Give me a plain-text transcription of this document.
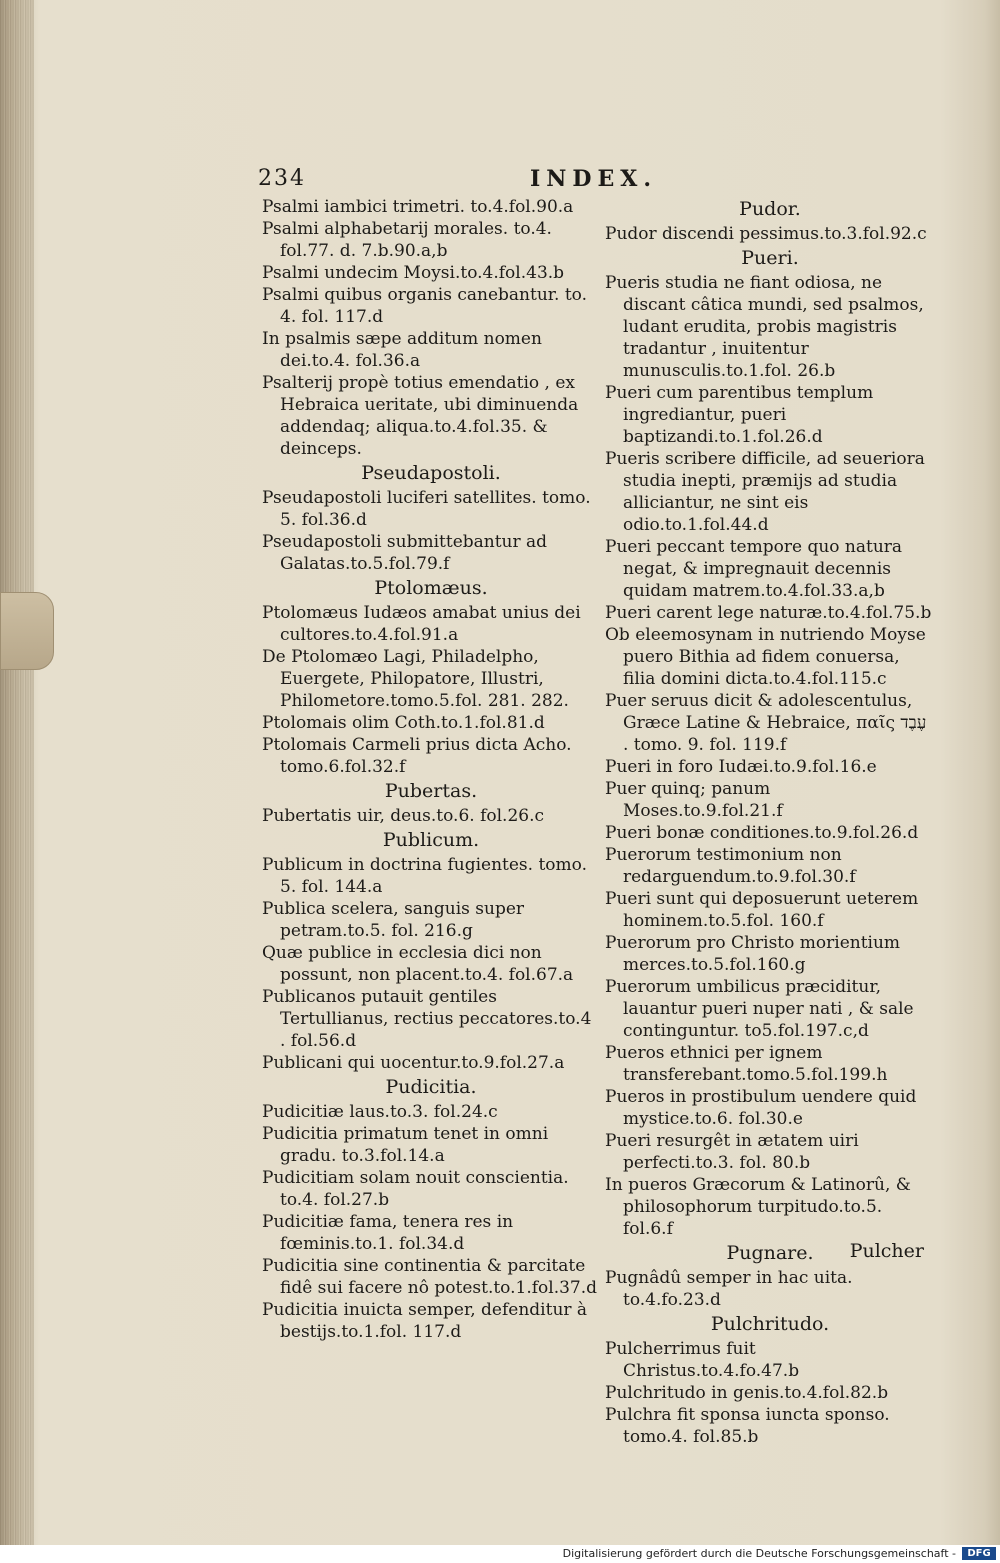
234	INDEX.

Psalmi iambici trimetri. to.4.fol.90.a

Psalmi alphabetarij morales. to.4. fol.77. d. 7.b.90.a,b

Psalmi undecim Moysi.to.4.fol.43.b

Psalmi quibus organis canebantur. to. 4. fol. 117.d

In psalmis sæpe additum nomen dei.to.4. fol.36.a

Psalterij propè totius emendatio , ex Hebraica ueritate, ubi diminuenda addendaq; aliqua.to.4.fol.35. & deinceps.

Pseudapostoli.

Pseudapostoli luciferi satellites. tomo. 5. fol.36.d

Pseudapostoli submittebantur ad Galatas.to.5.fol.79.f

Ptolomæus.

Ptolomæus Iudæos amabat unius dei cultores.to.4.fol.91.a

De Ptolomæo Lagi, Philadelpho, Euergete, Philopatore, Illustri, Philometore.tomo.5.fol. 281. 282.

Ptolomais olim Coth.to.1.fol.81.d

Ptolomais Carmeli prius dicta Acho. tomo.6.fol.32.f

Pubertas.

Pubertatis uir, deus.to.6. fol.26.c

Publicum.

Publicum in doctrina fugientes. tomo. 5. fol. 144.a

Publica scelera, sanguis super petram.to.5. fol. 216.g

Quæ publice in ecclesia dici non possunt, non placent.to.4. fol.67.a

Publicanos putauit gentiles Tertullianus, rectius peccatores.to.4 . fol.56.d

Publicani qui uocentur.to.9.fol.27.a

Pudicitia.

Pudicitiæ laus.to.3. fol.24.c

Pudicitia primatum tenet in omni gradu. to.3.fol.14.a

Pudicitiam solam nouit conscientia. to.4. fol.27.b

Pudicitiæ fama, tenera res in fœminis.to.1. fol.34.d

Pudicitia sine continentia & parcitate fidê sui facere nô potest.to.1.fol.37.d

Pudicitia inuicta semper, defenditur à bestijs.to.1.fol. 117.d

Pudor.

Pudor discendi pessimus.to.3.fol.92.c

Pueri.

Pueris studia ne fiant odiosa, ne discant câtica mundi, sed psalmos, ludant erudita, probis magistris tradantur , inuitentur munusculis.to.1.fol. 26.b

Pueri cum parentibus templum ingrediantur, pueri baptizandi.to.1.fol.26.d

Pueris scribere difficile, ad seueriora studia inepti, præmijs ad studia alliciantur, ne sint eis odio.to.1.fol.44.d

Pueri peccant tempore quo natura negat, & impregnauit decennis quidam matrem.to.4.fol.33.a,b

Pueri carent lege naturæ.to.4.fol.75.b

Ob eleemosynam in nutriendo Moyse puero Bithia ad fidem conuersa, filia domini dicta.to.4.fol.115.c

Puer seruus dicit & adolescentulus, Græce Latine & Hebraice, παῖς עֶבֶד . tomo. 9. fol. 119.f

Pueri in foro Iudæi.to.9.fol.16.e

Puer quinq; panum Moses.to.9.fol.21.f

Pueri bonæ conditiones.to.9.fol.26.d

Puerorum testimonium non redarguendum.to.9.fol.30.f

Pueri sunt qui deposuerunt ueterem hominem.to.5.fol. 160.f

Puerorum pro Christo morientium merces.to.5.fol.160.g

Puerorum umbilicus præciditur, lauantur pueri nuper nati , & sale continguntur. to5.fol.197.c,d

Pueros ethnici per ignem transferebant.tomo.5.fol.199.h

Pueros in prostibulum uendere quid mystice.to.6. fol.30.e

Pueri resurgêt in ætatem uiri perfecti.to.3. fol. 80.b

In pueros Græcorum & Latinorû, & philosophorum turpitudo.to.5. fol.6.f

Pugnare.

Pugnâdû semper in hac uita. to.4.fo.23.d

Pulchritudo.

Pulcherrimus fuit Christus.to.4.fo.47.b

Pulchritudo in genis.to.4.fol.82.b

Pulchra fit sponsa iuncta sponso. tomo.4. fol.85.b

Pulcher
Digitalisierung gefördert durch die Deutsche Forschungsgemeinschaft -	DFG
